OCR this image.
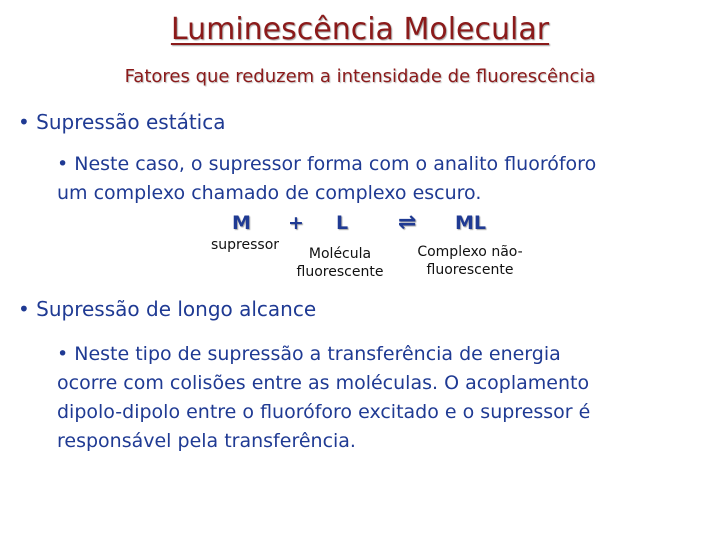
Luminescência Molecular
Fatores que reduzem a intensidade de fluorescência
• Supressão estática
• Neste caso, o supressor forma com o analito fluoróforo
um complexo chamado de complexo escuro.
M + L ⇌ ML
supressor
Molécula
fluorescente
Complexo não-
fluorescente
• Supressão de longo alcance
• Neste tipo de supressão a transferência de energia
ocorre com colisões entre as moléculas. O acoplamento
dipolo-dipolo entre o fluoróforo excitado e o supressor é
responsável pela transferência.
